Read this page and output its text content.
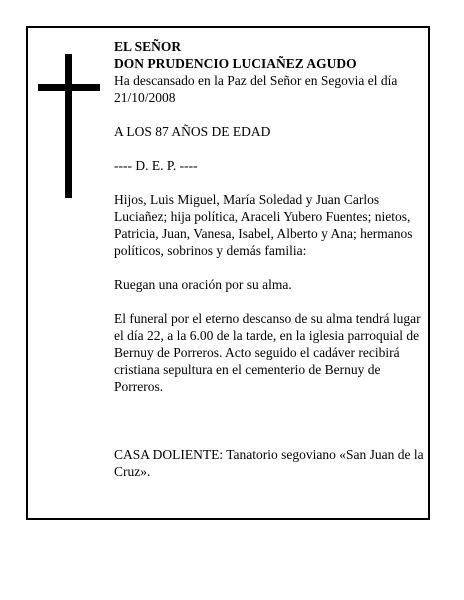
EL SEÑOR

DON PRUDENCIO LUCIAÑEZ AGUDO

Ha descansado en la Paz del Señor en Segovia el día 21/10/2008

A LOS 87 AÑOS DE EDAD

---- D. E. P. ----

Hijos, Luis Miguel, María Soledad y Juan Carlos Luciañez; hija política, Araceli Yubero Fuentes; nietos, Patricia, Juan, Vanesa, Isabel, Alberto y Ana; hermanos políticos, sobrinos y demás familia:

Ruegan una oración por su alma.

El funeral por el eterno descanso de su alma tendrá lugar el día 22, a la 6.00 de la tarde, en la iglesia parroquial de Bernuy de Porreros. Acto seguido el cadáver recibirá cristiana sepultura en el cementerio de Bernuy de Porreros.

CASA DOLIENTE: Tanatorio segoviano «San Juan de la Cruz».
